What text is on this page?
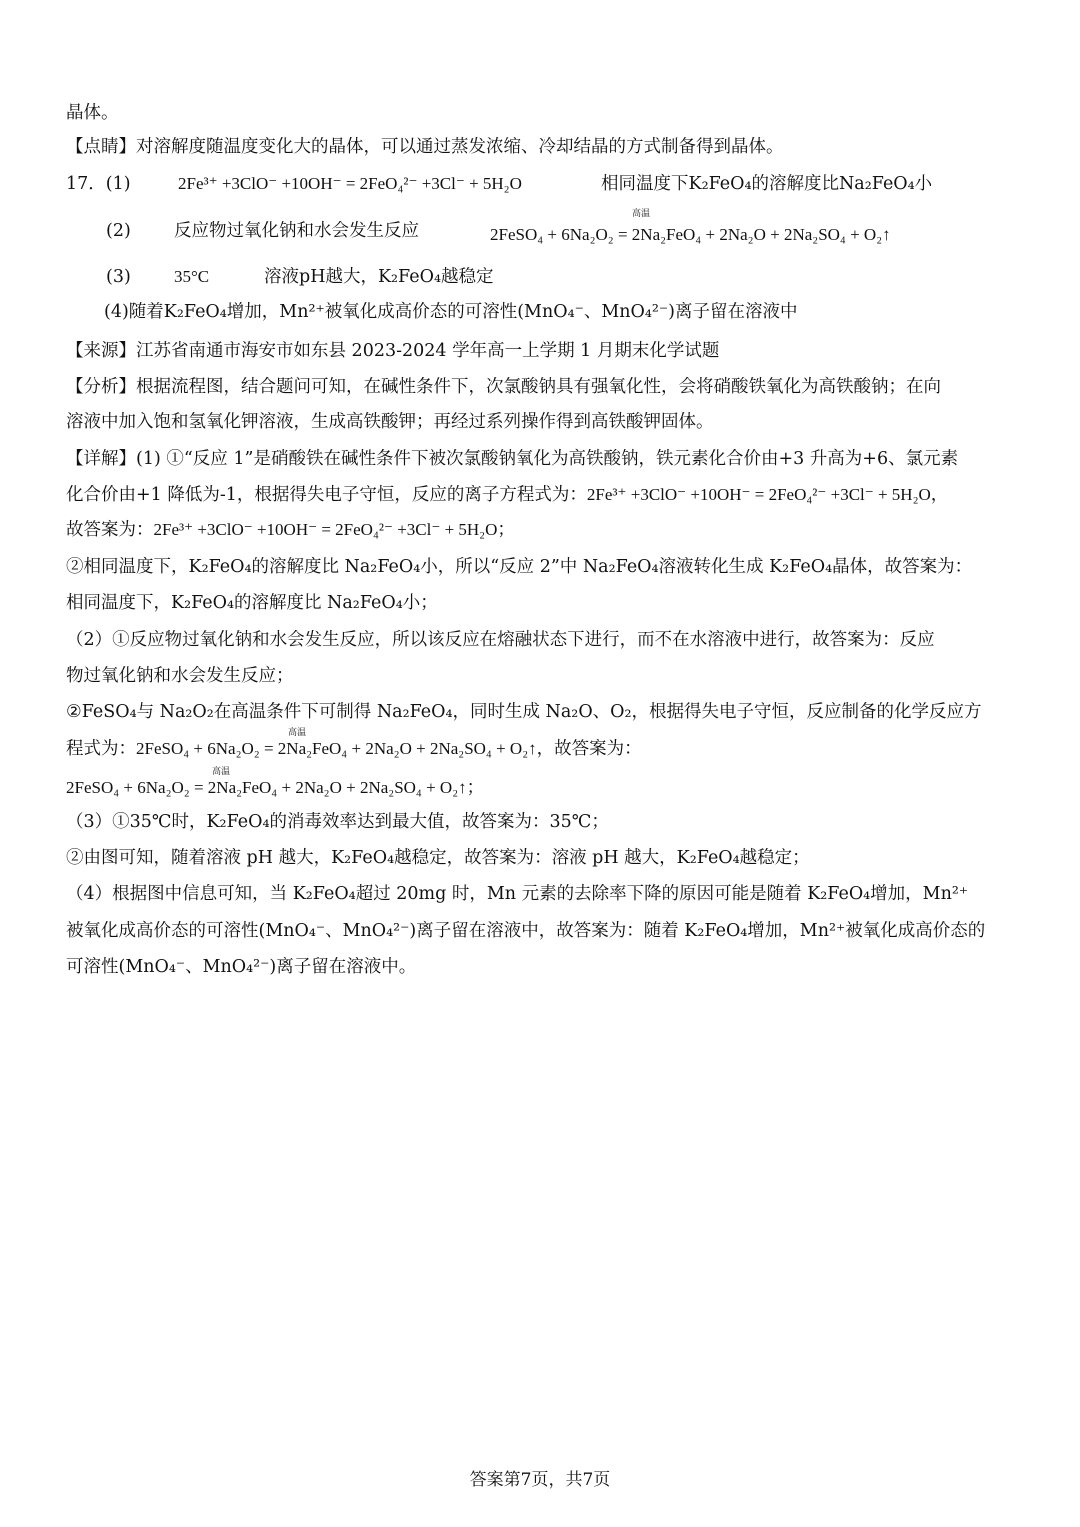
晶体。
【点睛】对溶解度随温度变化大的晶体，可以通过蒸发浓缩、冷却结晶的方式制备得到晶体。
17．(1)	2Fe³⁺ +3ClO⁻ +10OH⁻ = 2FeO₄²⁻ +3Cl⁻ + 5H₂O	相同温度下K₂FeO₄的溶解度比Na₂FeO₄小
(2) 反应物过氧化钠和水会发生反应	2FeSO₄ + 6Na₂O₂ = 2Na₂FeO₄ + 2Na₂O + 2Na₂SO₄ + O₂↑
高温
(3)	35°C	溶液pH越大，K₂FeO₄越稳定
(4)随着K₂FeO₄增加，Mn²⁺被氧化成高价态的可溶性(MnO₄⁻、MnO₄²⁻)离子留在溶液中
【来源】江苏省南通市海安市如东县 2023-2024 学年高一上学期 1 月期末化学试题
【分析】根据流程图，结合题问可知，在碱性条件下，次氯酸钠具有强氧化性，会将硝酸铁氧化为高铁酸钠；在向
溶液中加入饱和氢氧化钾溶液，生成高铁酸钾；再经过系列操作得到高铁酸钾固体。
【详解】(1) ①“反应 1”是硝酸铁在碱性条件下被次氯酸钠氧化为高铁酸钠，铁元素化合价由+3 升高为+6、氯元素
化合价由+1 降低为-1，根据得失电子守恒，反应的离子方程式为：2Fe³⁺ +3ClO⁻ +10OH⁻ = 2FeO₄²⁻ +3Cl⁻ + 5H₂O，
故答案为：2Fe³⁺ +3ClO⁻ +10OH⁻ = 2FeO₄²⁻ +3Cl⁻ + 5H₂O；
②相同温度下，K₂FeO₄的溶解度比 Na₂FeO₄小，所以“反应 2”中 Na₂FeO₄溶液转化生成 K₂FeO₄晶体，故答案为：
相同温度下，K₂FeO₄的溶解度比 Na₂FeO₄小；
（2）①反应物过氧化钠和水会发生反应，所以该反应在熔融状态下进行，而不在水溶液中进行，故答案为：反应
物过氧化钠和水会发生反应；
②FeSO₄与 Na₂O₂在高温条件下可制得 Na₂FeO₄，同时生成 Na₂O、O₂，根据得失电子守恒，反应制备的化学反应方
程式为：2FeSO₄ + 6Na₂O₂ = 2Na₂FeO₄ + 2Na₂O + 2Na₂SO₄ + O₂↑，故答案为：
高温
2FeSO₄ + 6Na₂O₂ = 2Na₂FeO₄ + 2Na₂O + 2Na₂SO₄ + O₂↑；
高温
（3）①35℃时，K₂FeO₄的消毒效率达到最大值，故答案为：35℃；
②由图可知，随着溶液 pH 越大，K₂FeO₄越稳定，故答案为：溶液 pH 越大，K₂FeO₄越稳定；
（4）根据图中信息可知，当 K₂FeO₄超过 20mg 时，Mn 元素的去除率下降的原因可能是随着 K₂FeO₄增加，Mn²⁺
被氧化成高价态的可溶性(MnO₄⁻、MnO₄²⁻)离子留在溶液中，故答案为：随着 K₂FeO₄增加，Mn²⁺被氧化成高价态的
可溶性(MnO₄⁻、MnO₄²⁻)离子留在溶液中。
答案第7页，共7页
